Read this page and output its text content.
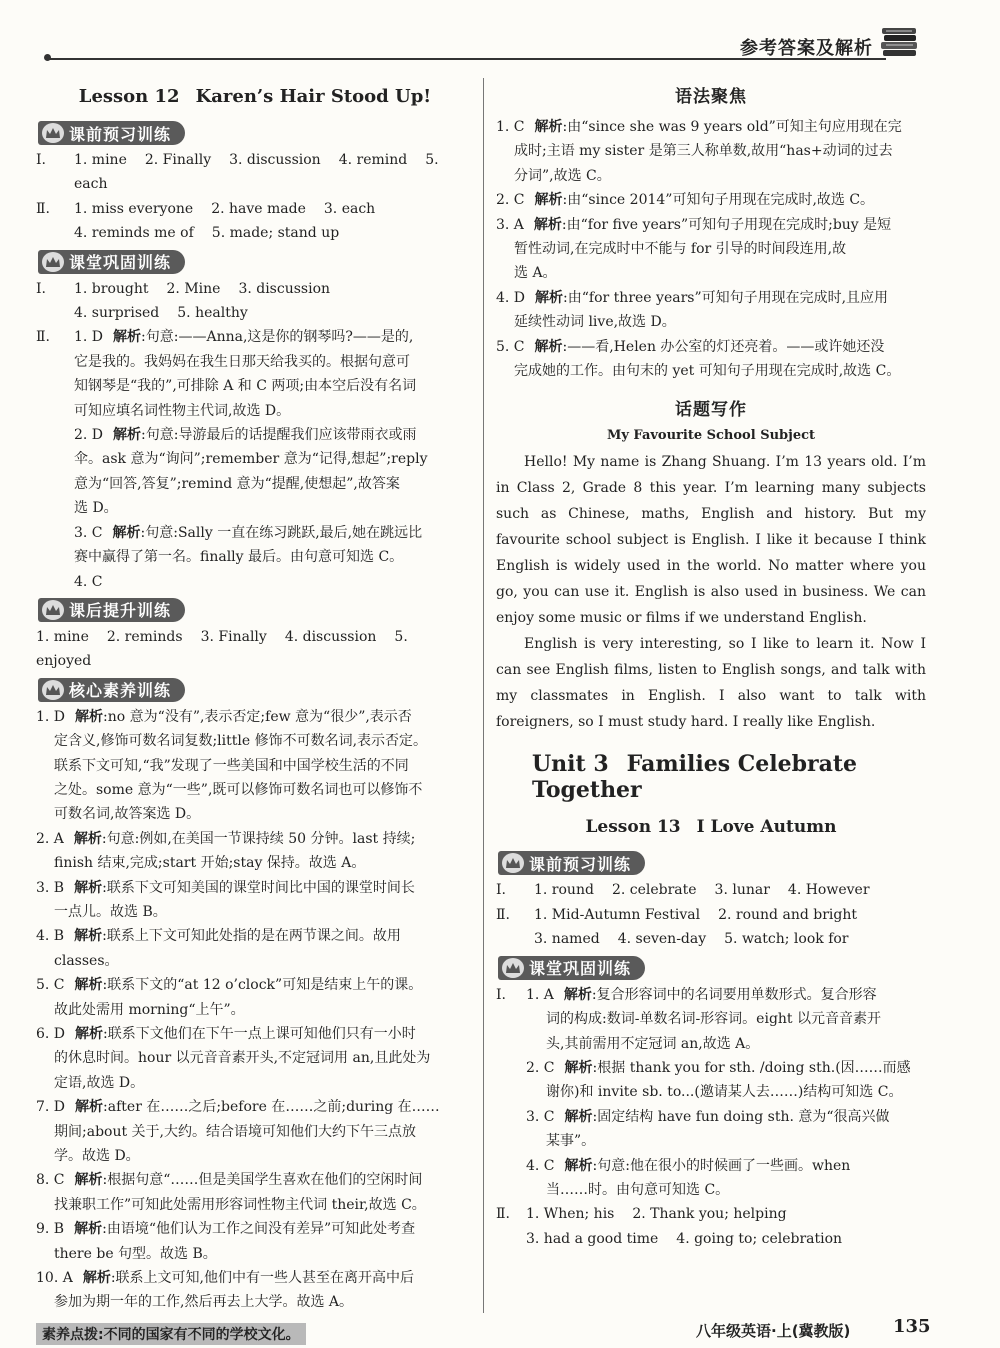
参考答案及解析
Lesson 12 Karen’s Hair Stood Up!
课前预习训练
Ⅰ.	1. mine 2. Finally 3. discussion 4. remind 5. each
Ⅱ.	1. miss everyone 2. have made 3. each
4. reminds me of 5. made; stand up
课堂巩固训练
Ⅰ.	1. brought 2. Mine 3. discussion
4. surprised 5. healthy
Ⅱ.1. D 解析:句意:——Anna,这是你的钢琴吗?——是的,
它是我的。我妈妈在我生日那天给我买的。根据句意可
知钢琴是“我的”,可排除 A 和 C 两项;由本空后没有名词
可知应填名词性物主代词,故选 D。
2. D 解析:句意:导游最后的话提醒我们应该带雨衣或雨
伞。ask 意为“询问”;remember 意为“记得,想起”;reply
意为“回答,答复”;remind 意为“提醒,使想起”,故答案
选 D。
3. C 解析:句意:Sally 一直在练习跳跃,最后,她在跳远比
赛中赢得了第一名。finally 最后。由句意可知选 C。
4. C
课后提升训练
1. mine 2. reminds 3. Finally 4. discussion 5. enjoyed
核心素养训练
1. D 解析:no 意为“没有”,表示否定;few 意为“很少”,表示否
定含义,修饰可数名词复数;little 修饰不可数名词,表示否定。
联系下文可知,“我”发现了一些美国和中国学校生活的不同
之处。some 意为“一些”,既可以修饰可数名词也可以修饰不
可数名词,故答案选 D。
2. A 解析:句意:例如,在美国一节课持续 50 分钟。last 持续;
finish 结束,完成;start 开始;stay 保持。故选 A。
3. B 解析:联系下文可知美国的课堂时间比中国的课堂时间长
一点儿。故选 B。
4. B 解析:联系上下文可知此处指的是在两节课之间。故用
classes。
5. C 解析:联系下文的“at 12 o’clock”可知是结束上午的课。
故此处需用 morning“上午”。
6. D 解析:联系下文他们在下午一点上课可知他们只有一小时
的休息时间。hour 以元音音素开头,不定冠词用 an,且此处为
定语,故选 D。
7. D 解析:after 在……之后;before 在……之前;during 在……
期间;about 关于,大约。结合语境可知他们大约下午三点放
学。故选 D。
8. C 解析:根据句意“……但是美国学生喜欢在他们的空闲时间
找兼职工作”可知此处需用形容词性物主代词 their,故选 C。
9. B 解析:由语境“他们认为工作之间没有差异”可知此处考查
there be 句型。故选 B。
10. A 解析:联系上文可知,他们中有一些人甚至在离开高中后
参加为期一年的工作,然后再去上大学。故选 A。
素养点拨:不同的国家有不同的学校文化。
语法聚焦
1. C 解析:由“since she was 9 years old”可知主句应用现在完
成时;主语 my sister 是第三人称单数,故用“has+动词的过去
分词”,故选 C。
2. C 解析:由“since 2014”可知句子用现在完成时,故选 C。
3. A 解析:由“for five years”可知句子用现在完成时;buy 是短
暂性动词,在完成时中不能与 for 引导的时间段连用,故
选 A。
4. D 解析:由“for three years”可知句子用现在完成时,且应用
延续性动词 live,故选 D。
5. C 解析:——看,Helen 办公室的灯还亮着。——或许她还没
完成她的工作。由句末的 yet 可知句子用现在完成时,故选 C。
话题写作
My Favourite School Subject

Hello! My name is Zhang Shuang. I’m 13 years old. I’m in Class 2, Grade 8 this year. I’m learning many subjects such as Chinese, maths, English and history. But my favourite school subject is English. I like it because I think English is widely used in the world. No matter where you go, you can use it. English is also used in business. We can enjoy some music or films if we understand English.

English is very interesting, so I like to learn it. Now I can see English films, listen to English songs, and talk with my classmates in English. I also want to talk with foreigners, so I must study hard. I really like English.

Unit 3 Families Celebrate Together
Lesson 13 I Love Autumn
课前预习训练
Ⅰ.	1. round 2. celebrate 3. lunar 4. However
Ⅱ.	1. Mid-Autumn Festival 2. round and bright
3. named 4. seven-day 5. watch; look for
课堂巩固训练
Ⅰ.1. A 解析:复合形容词中的名词要用单数形式。复合形容
词的构成:数词-单数名词-形容词。eight 以元音音素开
头,其前需用不定冠词 an,故选 A。
2. C 解析:根据 thank you for sth. /doing sth.(因……而感
谢你)和 invite sb. to...(邀请某人去……)结构可知选 C。
3. C 解析:固定结构 have fun doing sth. 意为“很高兴做
某事”。
4. C 解析:句意:他在很小的时候画了一些画。when
当……时。由句意可知选 C。
Ⅱ.	1. When; his 2. Thank you; helping
3. had a good time 4. going to; celebration
八年级英语·上(冀教版) 135
